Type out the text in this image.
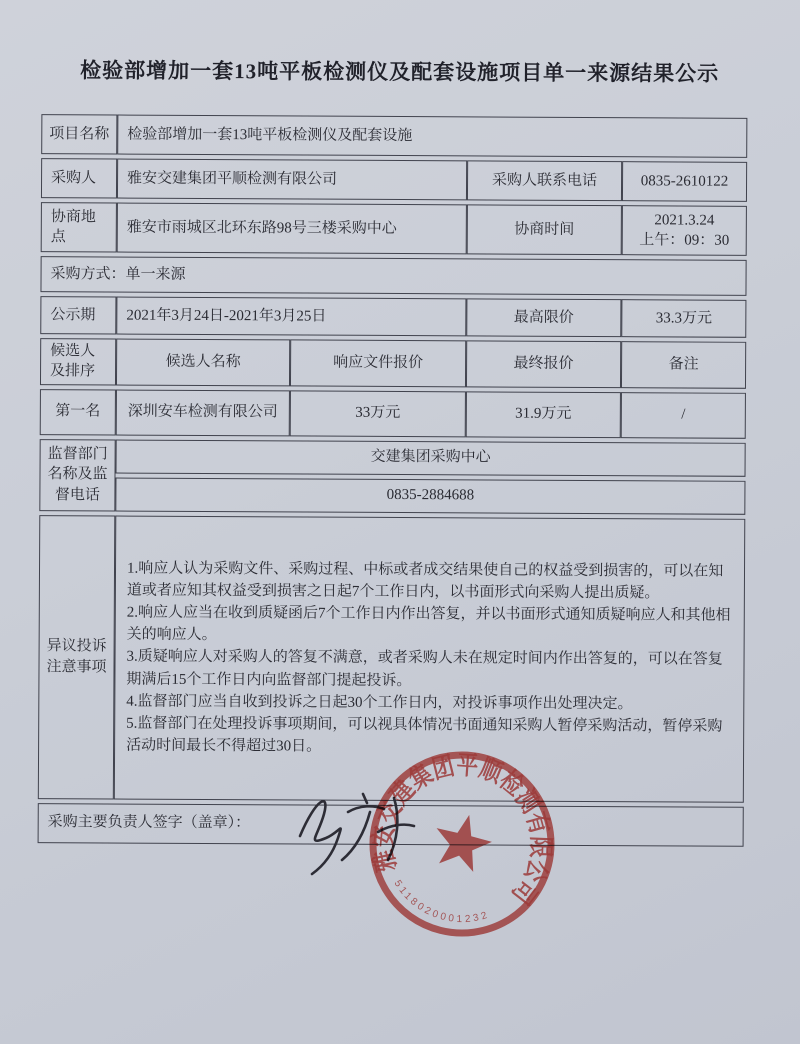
检验部增加一套13吨平板检测仪及配套设施项目单一来源结果公示
项目名称	检验部增加一套13吨平板检测仪及配套设施			
采购人	雅安交建集团平顺检测有限公司		采购人联系电话	0835-2610122
协商地点	雅安市雨城区北环东路98号三楼采购中心		协商时间	2021.3.24
上午：09：30
采购方式：单一来源				
公示期	2021年3月24日-2021年3月25日		最高限价	33.3万元
候选人及排序	候选人名称	响应文件报价	最终报价	备注
第一名	深圳安车检测有限公司	33万元	31.9万元	/
监督部门名称及监督电话	交建集团采购中心			
	0835-2884688			
异议投诉注意事项	1.响应人认为采购文件、采购过程、中标或者成交结果使自己的权益受到损害的，可以在知道或者应知其权益受到损害之日起7个工作日内，以书面形式向采购人提出质疑。
2.响应人应当在收到质疑函后7个工作日内作出答复，并以书面形式通知质疑响应人和其他相关的响应人。
3.质疑响应人对采购人的答复不满意，或者采购人未在规定时间内作出答复的，可以在答复期满后15个工作日内向监督部门提起投诉。
4.监督部门应当自收到投诉之日起30个工作日内，对投诉事项作出处理决定。
5.监督部门在处理投诉事项期间，可以视具体情况书面通知采购人暂停采购活动，暂停采购活动时间最长不得超过30日。			

采购主要负责人签字（盖章）：				
雅安交建集团平顺检测有限公司
5118020001232
